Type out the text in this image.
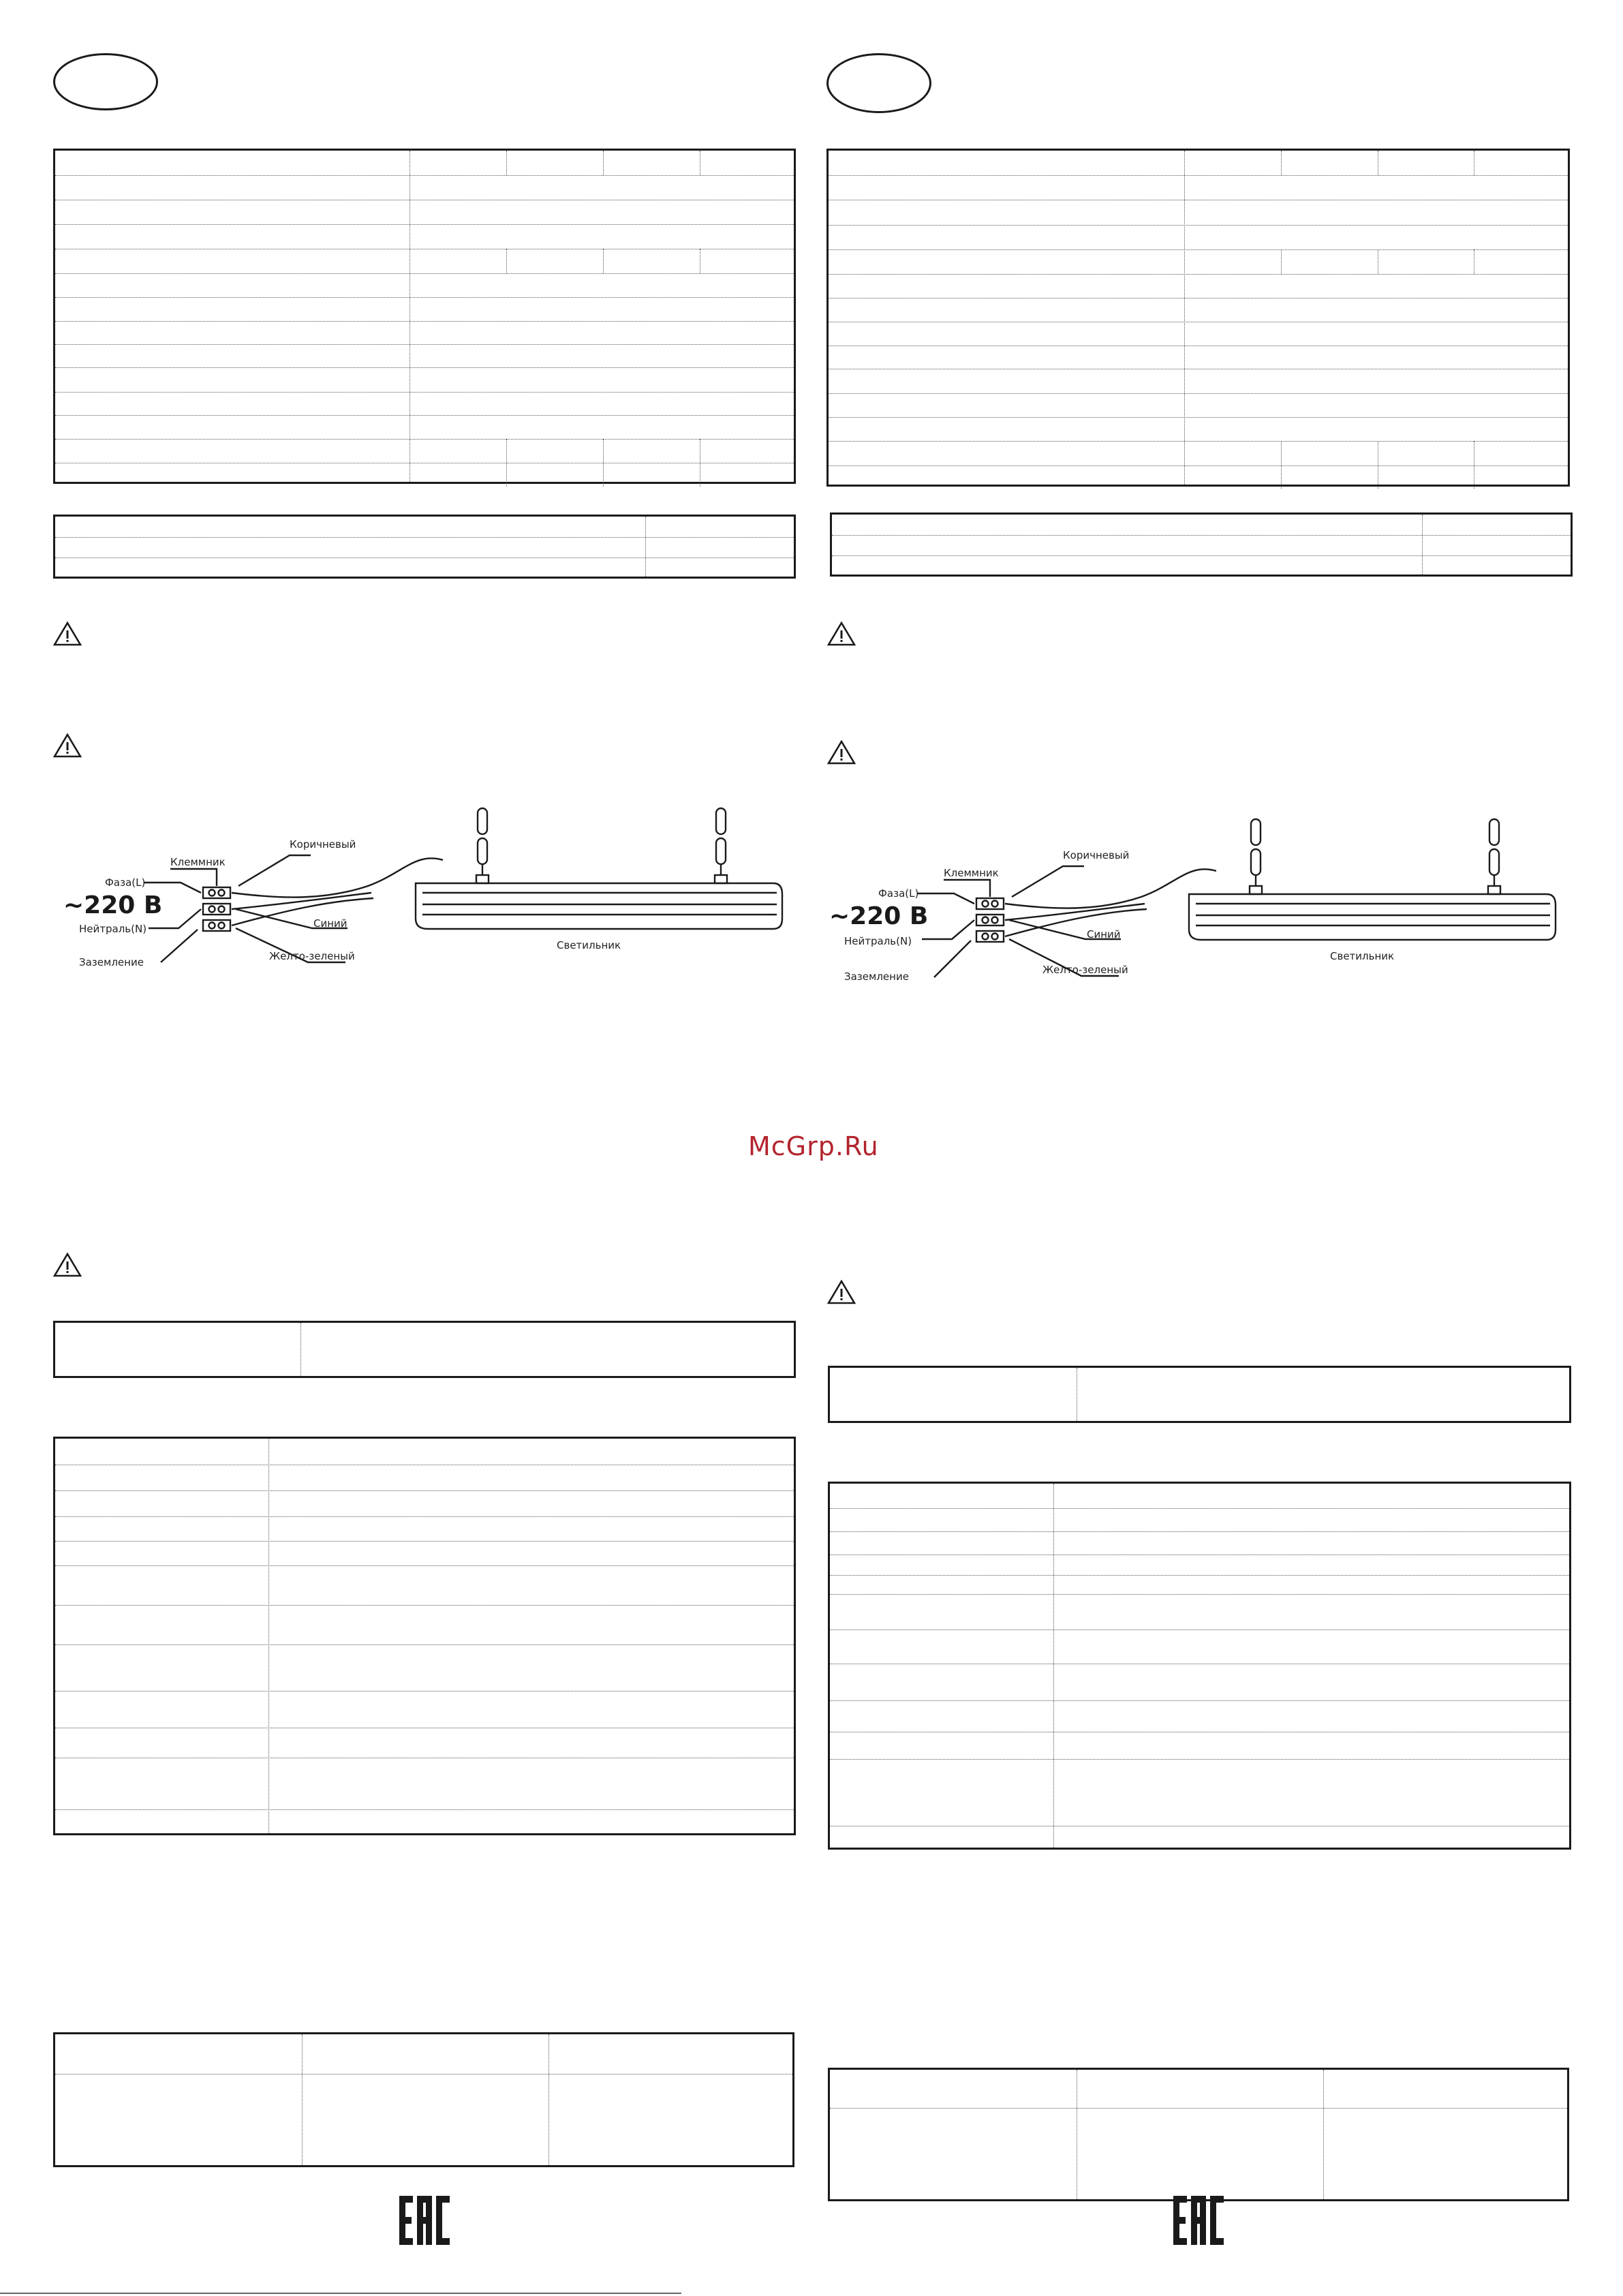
Клеммник
Фаза(L)
~220 В
Нейтраль(N)
Заземление
Коричневый
Синий
Желто-зеленый
Светильник
McGrp.Ru
Клеммник
Фаза(L)
~220 В
Нейтраль(N)
Заземление
Коричневый
Синий
Желто-зеленый
Светильник
